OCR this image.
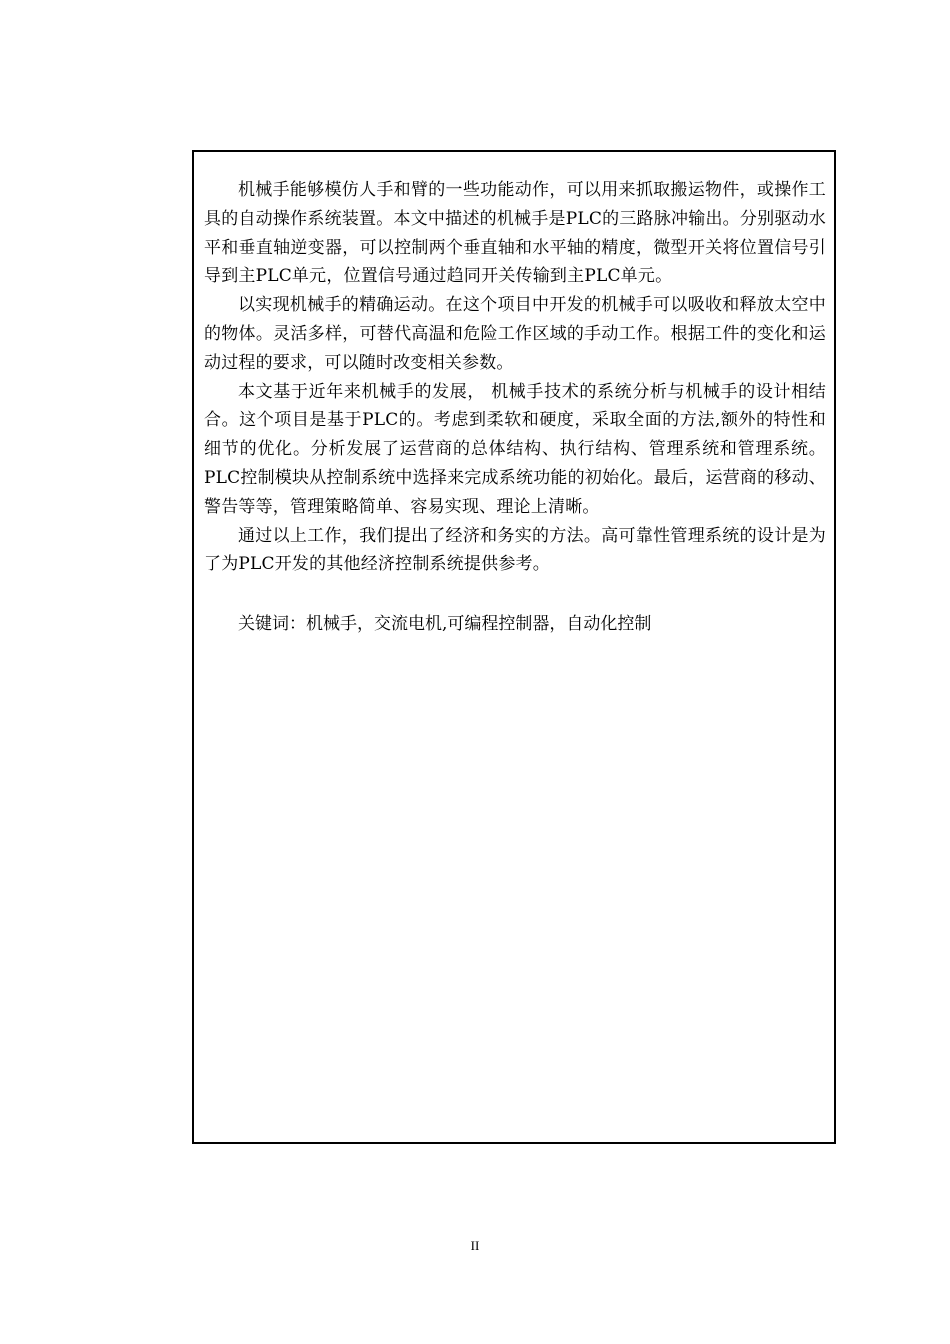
机械手能够模仿人手和臂的一些功能动作，可以用来抓取搬运物件，或操作工具的自动操作系统装置。本文中描述的机械手是PLC的三路脉冲输出。分别驱动水平和垂直轴逆变器，可以控制两个垂直轴和水平轴的精度，微型开关将位置信号引导到主PLC单元，位置信号通过趋同开关传输到主PLC单元。

以实现机械手的精确运动。在这个项目中开发的机械手可以吸收和释放太空中的物体。灵活多样，可替代高温和危险工作区域的手动工作。根据工件的变化和运动过程的要求，可以随时改变相关参数。

本文基于近年来机械手的发展， 机械手技术的系统分析与机械手的设计相结合。这个项目是基于PLC的。考虑到柔软和硬度，采取全面的方法,额外的特性和细节的优化。分析发展了运营商的总体结构、执行结构、管理系统和管理系统。PLC控制模块从控制系统中选择来完成系统功能的初始化。最后，运营商的移动、警告等等，管理策略简单、容易实现、理论上清晰。

通过以上工作，我们提出了经济和务实的方法。高可靠性管理系统的设计是为了为PLC开发的其他经济控制系统提供参考。

关键词：机械手，交流电机,可编程控制器，自动化控制

II
